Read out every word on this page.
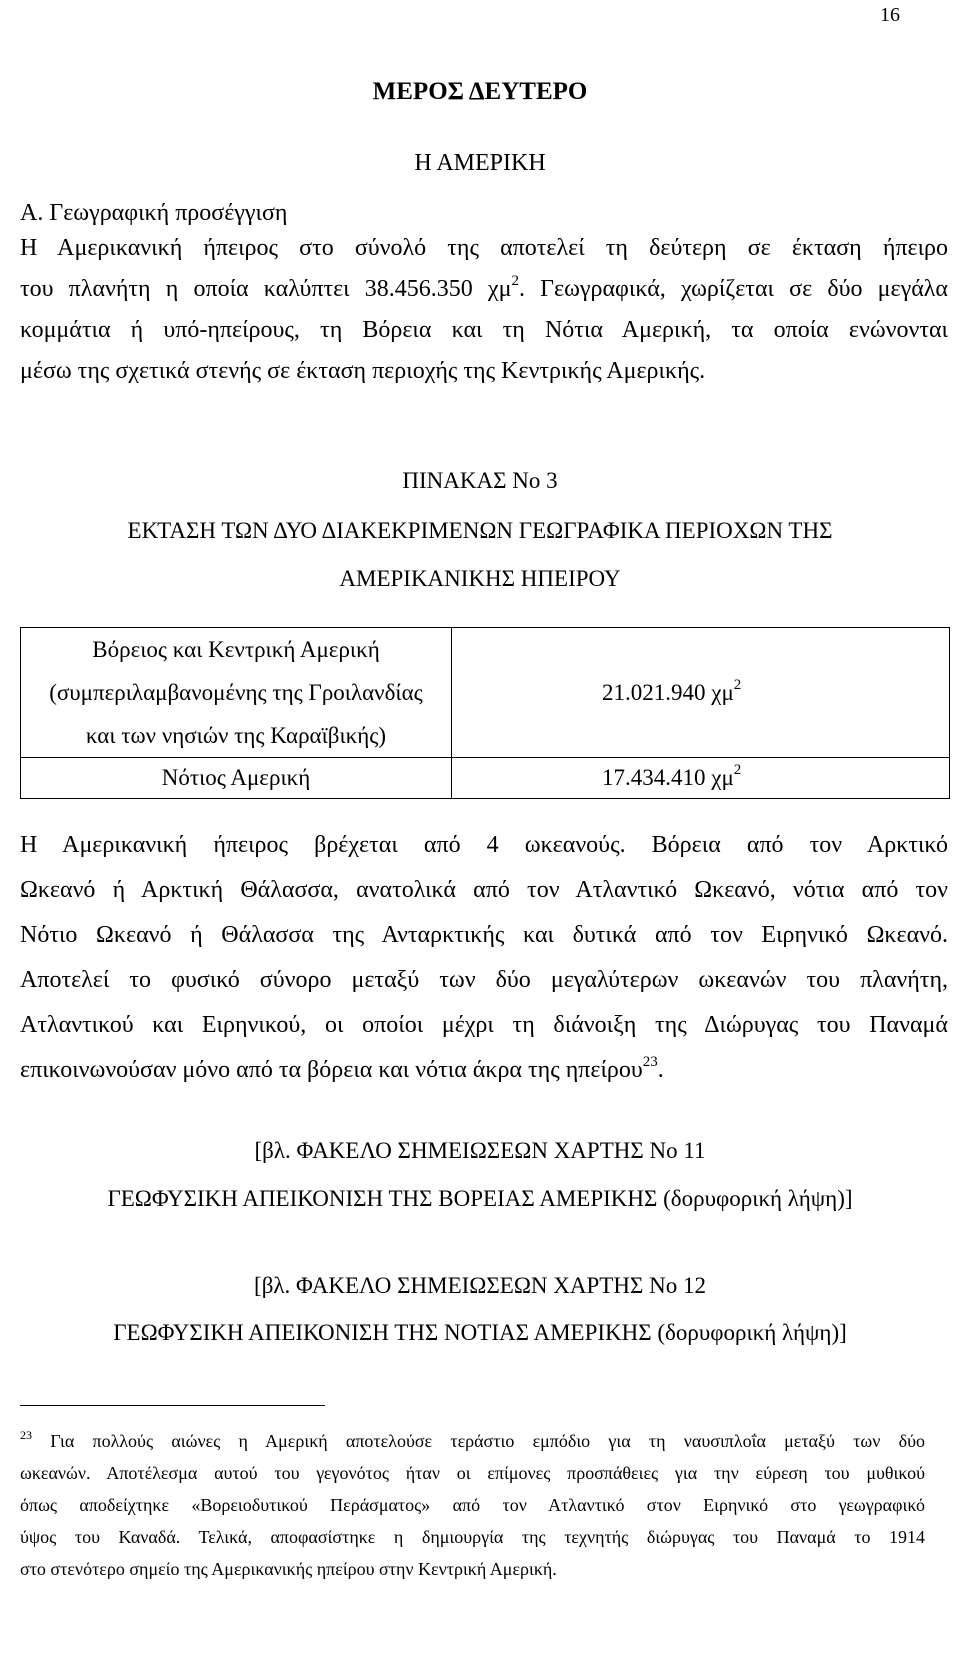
16
ΜΕΡΟΣ ΔΕΥΤΕΡΟ
Η ΑΜΕΡΙΚΗ
Α. Γεωγραφική προσέγγιση
Η Αμερικανική ήπειρος στο σύνολό της αποτελεί τη δεύτερη σε έκταση ήπειρο
του πλανήτη η οποία καλύπτει 38.456.350 $\chi\mu^2$. Γεωγραφικά, χωρίζεται σε δύο μεγάλα
κομμάτια ή υπό-ηπείρους, τη Βόρεια και τη Νότια Αμερική, τα οποία ενώνονται
μέσω της σχετικά στενής σε έκταση περιοχής της Κεντρικής Αμερικής.
ΠΙΝΑΚΑΣ Νο 3
ΕΚΤΑΣΗ ΤΩΝ ΔΥΟ ΔΙΑΚΕΚΡΙΜΕΝΩΝ ΓΕΩΓΡΑΦΙΚΑ ΠΕΡΙΟΧΩΝ ΤΗΣ
ΑΜΕΡΙΚΑΝΙΚΗΣ ΗΠΕΙΡΟΥ
Βόρειος και Κεντρική Αμερική
(συμπεριλαμβανομένης της Γροιλανδίας
και των νησιών της Καραϊβικής)	21.021.940 $\chi\mu^2$

Νότιος Αμερική	17.434.410 $\chi\mu^2$
Η Αμερικανική ήπειρος βρέχεται από 4 ωκεανούς. Βόρεια από τον Αρκτικό
Ωκεανό ή Αρκτική Θάλασσα, ανατολικά από τον Ατλαντικό Ωκεανό, νότια από τον
Νότιο Ωκεανό ή Θάλασσα της Ανταρκτικής και δυτικά από τον Ειρηνικό Ωκεανό.
Αποτελεί το φυσικό σύνορο μεταξύ των δύο μεγαλύτερων ωκεανών του πλανήτη,
Ατλαντικού και Ειρηνικού, οι οποίοι μέχρι τη διάνοιξη της Διώρυγας του Παναμά
επικοινωνούσαν μόνο από τα βόρεια και νότια άκρα της ηπείρου$^{23}$.
[βλ. ΦΑΚΕΛΟ ΣΗΜΕΙΩΣΕΩΝ ΧΑΡΤΗΣ Νο 11
ΓΕΩΦΥΣΙΚΗ ΑΠΕΙΚΟΝΙΣΗ ΤΗΣ ΒΟΡΕΙΑΣ ΑΜΕΡΙΚΗΣ (δορυφορική λήψη)]
[βλ. ΦΑΚΕΛΟ ΣΗΜΕΙΩΣΕΩΝ ΧΑΡΤΗΣ Νο 12
ΓΕΩΦΥΣΙΚΗ ΑΠΕΙΚΟΝΙΣΗ ΤΗΣ ΝΟΤΙΑΣ ΑΜΕΡΙΚΗΣ (δορυφορική λήψη)]
$^{23}$ Για πολλούς αιώνες η Αμερική αποτελούσε τεράστιο εμπόδιο για τη ναυσιπλοΐα μεταξύ των δύο
ωκεανών. Αποτέλεσμα αυτού του γεγονότος ήταν οι επίμονες προσπάθειες για την εύρεση του μυθικού
όπως αποδείχτηκε «Βορειοδυτικού Περάσματος» από τον Ατλαντικό στον Ειρηνικό στο γεωγραφικό
ύψος του Καναδά. Τελικά, αποφασίστηκε η δημιουργία της τεχνητής διώρυγας του Παναμά το 1914
στο στενότερο σημείο της Αμερικανικής ηπείρου στην Κεντρική Αμερική.
